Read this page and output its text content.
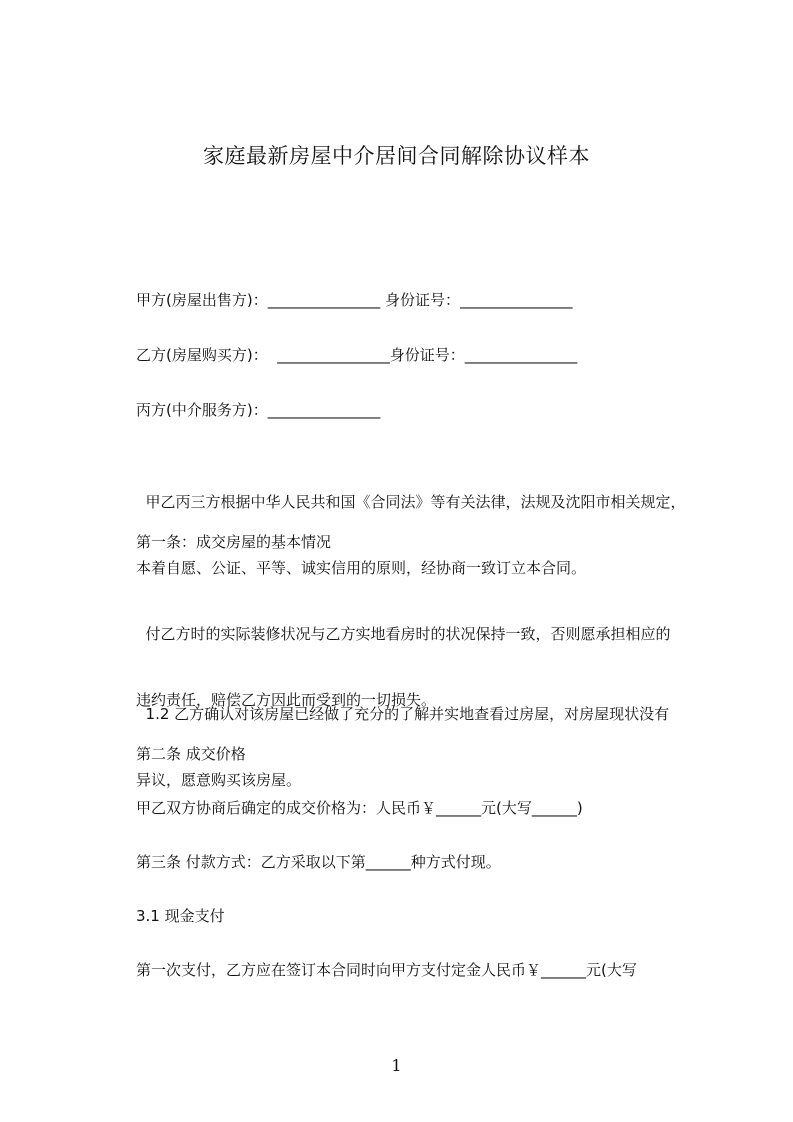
家庭最新房屋中介居间合同解除协议样本

甲方(房屋出售方)：_______________ 身份证号：_______________

乙方(房屋购买方)：  _______________身份证号：_______________

丙方(中介服务方)：_______________

甲乙丙三方根据中华人民共和国《合同法》等有关法律，法规及沈阳市相关规定，

本着自愿、公证、平等、诚实信用的原则，经协商一致订立本合同。

第一条：成交房屋的基本情况

付乙方时的实际装修状况与乙方实地看房时的状况保持一致，否则愿承担相应的

违约责任，赔偿乙方因此而受到的一切损失。

1.2 乙方确认对该房屋已经做了充分的了解并实地查看过房屋，对房屋现状没有

异议，愿意购买该房屋。

第二条 成交价格

甲乙双方协商后确定的成交价格为：人民币￥______元(大写______)

第三条 付款方式：乙方采取以下第______种方式付现。

3.1 现金支付

第一次支付，乙方应在签订本合同时向甲方支付定金人民币￥______元(大写

1
